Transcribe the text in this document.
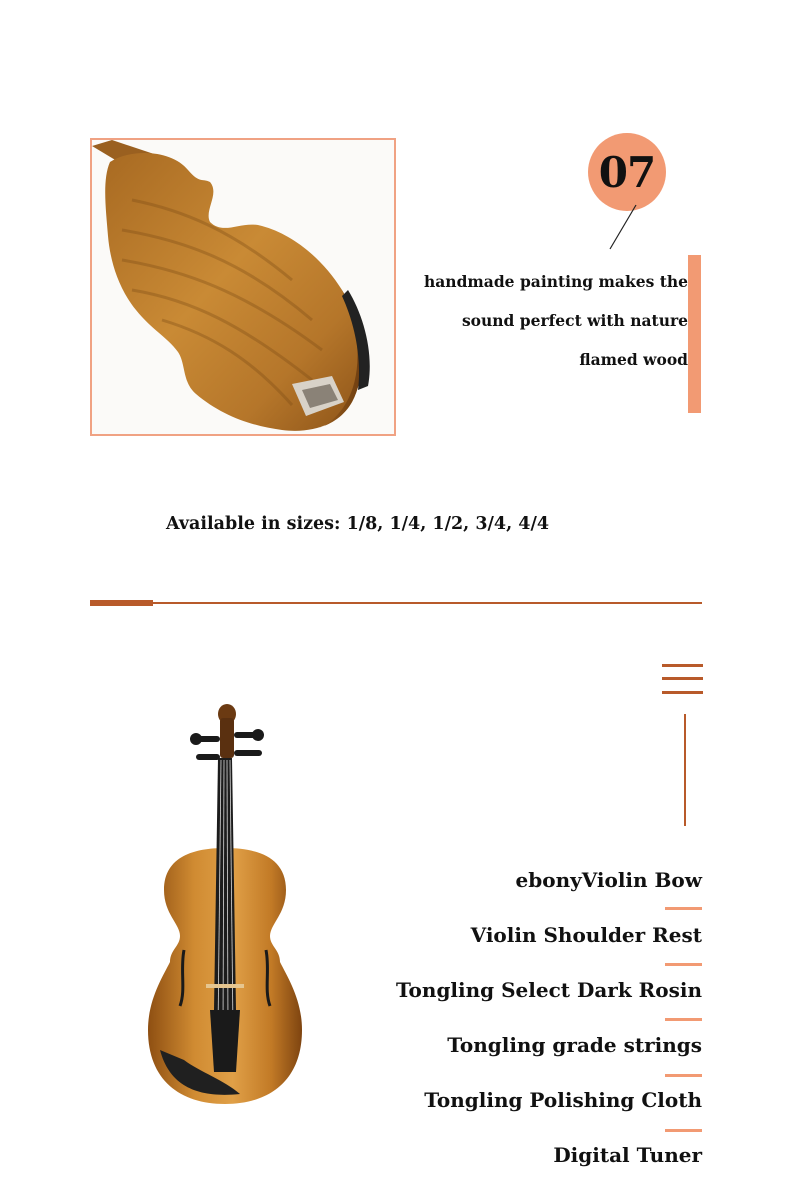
07
handmade painting makes the
sound perfect with nature
flamed wood
Available in sizes: 1/8, 1/4, 1/2, 3/4, 4/4
ebonyViolin Bow
Violin Shoulder Rest
Tongling Select Dark Rosin
Tongling grade strings
Tongling Polishing Cloth
Digital Tuner
